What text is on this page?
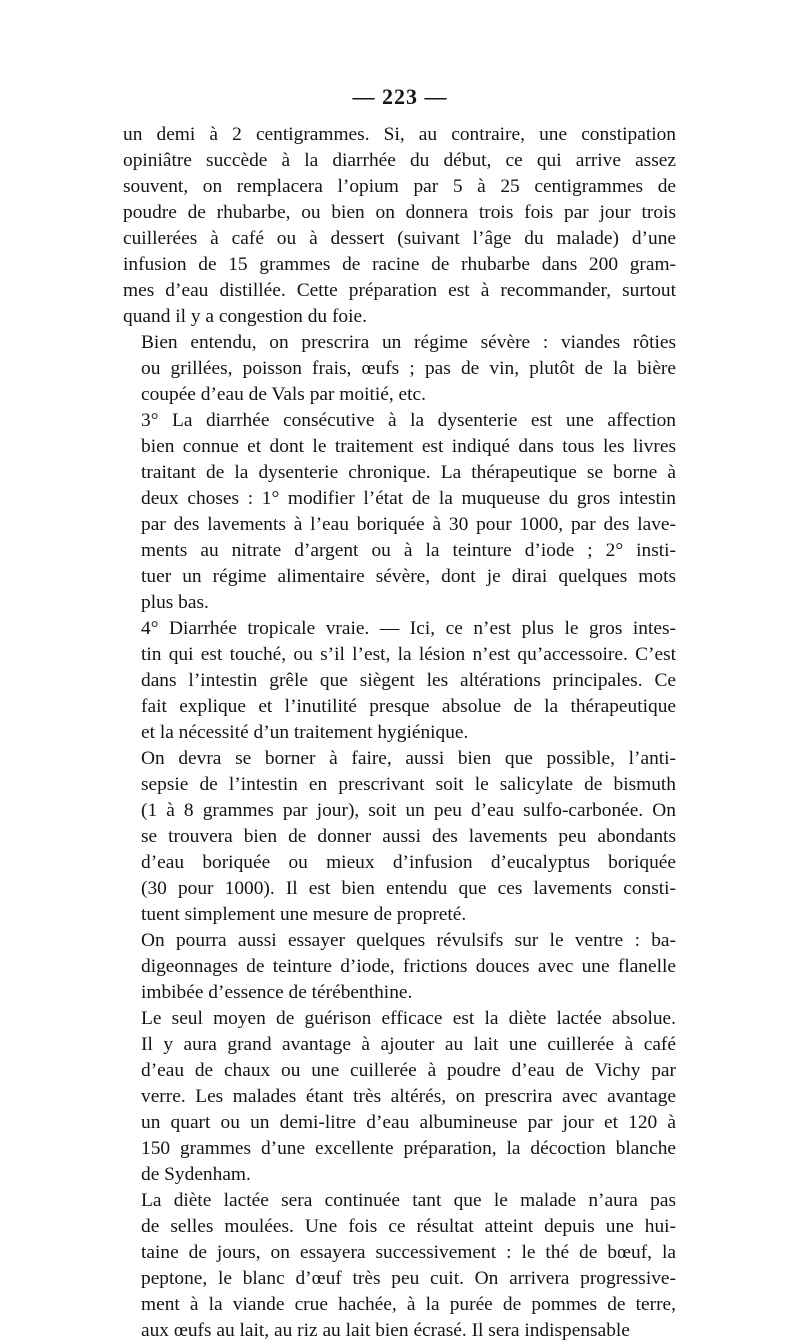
— 223 —

un demi à 2 centigrammes. Si, au contraire, une constipation
opiniâtre succède à la diarrhée du début, ce qui arrive assez
souvent, on remplacera l’opium par 5 à 25 centigrammes de
poudre de rhubarbe, ou bien on donnera trois fois par jour trois
cuillerées à café ou à dessert (suivant l’âge du malade) d’une
infusion de 15 grammes de racine de rhubarbe dans 200 gram-
mes d’eau distillée. Cette préparation est à recommander, surtout
quand il y a congestion du foie.

Bien entendu, on prescrira un régime sévère : viandes rôties
ou grillées, poisson frais, œufs ; pas de vin, plutôt de la bière
coupée d’eau de Vals par moitié, etc.

3° La diarrhée consécutive à la dysenterie est une affection
bien connue et dont le traitement est indiqué dans tous les livres
traitant de la dysenterie chronique. La thérapeutique se borne à
deux choses : 1° modifier l’état de la muqueuse du gros intestin
par des lavements à l’eau boriquée à 30 pour 1000, par des lave-
ments au nitrate d’argent ou à la teinture d’iode ; 2° insti-
tuer un régime alimentaire sévère, dont je dirai quelques mots
plus bas.

4° Diarrhée tropicale vraie. — Ici, ce n’est plus le gros intes-
tin qui est touché, ou s’il l’est, la lésion n’est qu’accessoire. C’est
dans l’intestin grêle que siègent les altérations principales. Ce
fait explique et l’inutilité presque absolue de la thérapeutique
et la nécessité d’un traitement hygiénique.

On devra se borner à faire, aussi bien que possible, l’anti-
sepsie de l’intestin en prescrivant soit le salicylate de bismuth
(1 à 8 grammes par jour), soit un peu d’eau sulfo-carbonée. On
se trouvera bien de donner aussi des lavements peu abondants
d’eau boriquée ou mieux d’infusion d’eucalyptus boriquée
(30 pour 1000). Il est bien entendu que ces lavements consti-
tuent simplement une mesure de propreté.

On pourra aussi essayer quelques révulsifs sur le ventre : ba-
digeonnages de teinture d’iode, frictions douces avec une flanelle
imbibée d’essence de térébenthine.

Le seul moyen de guérison efficace est la diète lactée absolue.
Il y aura grand avantage à ajouter au lait une cuillerée à café
d’eau de chaux ou une cuillerée à poudre d’eau de Vichy par
verre. Les malades étant très altérés, on prescrira avec avantage
un quart ou un demi-litre d’eau albumineuse par jour et 120 à
150 grammes d’une excellente préparation, la décoction blanche
de Sydenham.

La diète lactée sera continuée tant que le malade n’aura pas
de selles moulées. Une fois ce résultat atteint depuis une hui-
taine de jours, on essayera successivement : le thé de bœuf, la
peptone, le blanc d’œuf très peu cuit. On arrivera progressive-
ment à la viande crue hachée, à la purée de pommes de terre,
aux œufs au lait, au riz au lait bien écrasé. Il sera indispensable
